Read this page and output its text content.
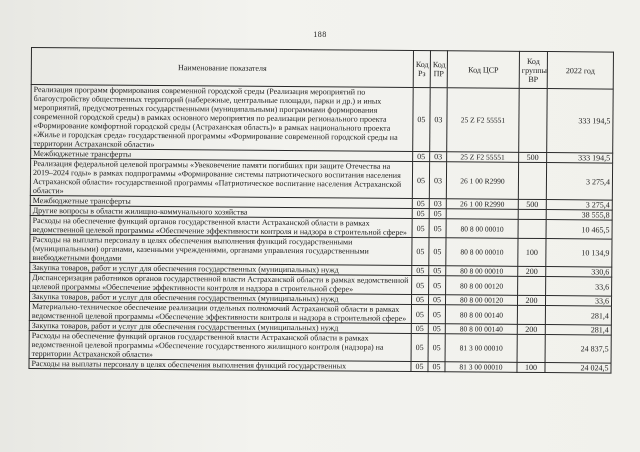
188
Наименование показателя	Код Рз	Код ПР	Код ЦСР	Код группы ВР	2022 год
Реализация программ формирования современной городской среды (Реализация мероприятий по благоустройству общественных территорий (набережные, центральные площади, парки и др.) и иных мероприятий, предусмотренных государственными (муниципальными) программами формирования современной городской среды) в рамках основного мероприятия по реализации регионального проекта «Формирование комфортной городской среды (Астраханская область)» в рамках национального проекта «Жилье и городская среда» государственной программы «Формирование современной городской среды на территории Астраханской области»	05	03	25 Z F2 55551		333 194,5
Межбюджетные трансферты	05	03	25 Z F2 55551	500	333 194,5
Реализация федеральной целевой программы «Увековечение памяти погибших при защите Отечества на 2019–2024 годы» в рамках подпрограммы «Формирование системы патриотического воспитания населения Астраханской области» государственной программы «Патриотическое воспитание населения Астраханской области»	05	03	26 1 00 R2990		3 275,4
Межбюджетные трансферты	05	03	26 1 00 R2990	500	3 275,4
Другие вопросы в области жилищно-коммунального хозяйства	05	05			38 555,8
Расходы на обеспечение функций органов государственной власти Астраханской области в рамках ведомственной целевой программы «Обеспечение эффективности контроля и надзора в строительной сфере»	05	05	80 8 00 00010		10 465,5
Расходы на выплаты персоналу в целях обеспечения выполнения функций государственными (муниципальными) органами, казенными учреждениями, органами управления государственными внебюджетными фондами	05	05	80 8 00 00010	100	10 134,9
Закупка товаров, работ и услуг для обеспечения государственных (муниципальных) нужд	05	05	80 8 00 00010	200	330,6
Диспансеризация работников органов государственной власти Астраханской области в рамках ведомственной целевой программы «Обеспечение эффективности контроля и надзора в строительной сфере»	05	05	80 8 00 00120		33,6
Закупка товаров, работ и услуг для обеспечения государственных (муниципальных) нужд	05	05	80 8 00 00120	200	33,6
Материально-техническое обеспечение реализации отдельных полномочий Астраханской области в рамках ведомственной целевой программы «Обеспечение эффективности контроля и надзора в строительной сфере»	05	05	80 8 00 00140		281,4
Закупка товаров, работ и услуг для обеспечения государственных (муниципальных) нужд	05	05	80 8 00 00140	200	281,4
Расходы на обеспечение функций органов государственной власти Астраханской области в рамках ведомственной целевой программы «Обеспечение государственного жилищного контроля (надзора) на территории Астраханской области»	05	05	81 3 00 00010		24 837,5
Расходы на выплаты персоналу в целях обеспечения выполнения функций государственных	05	05	81 3 00 00010	100	24 024,5
